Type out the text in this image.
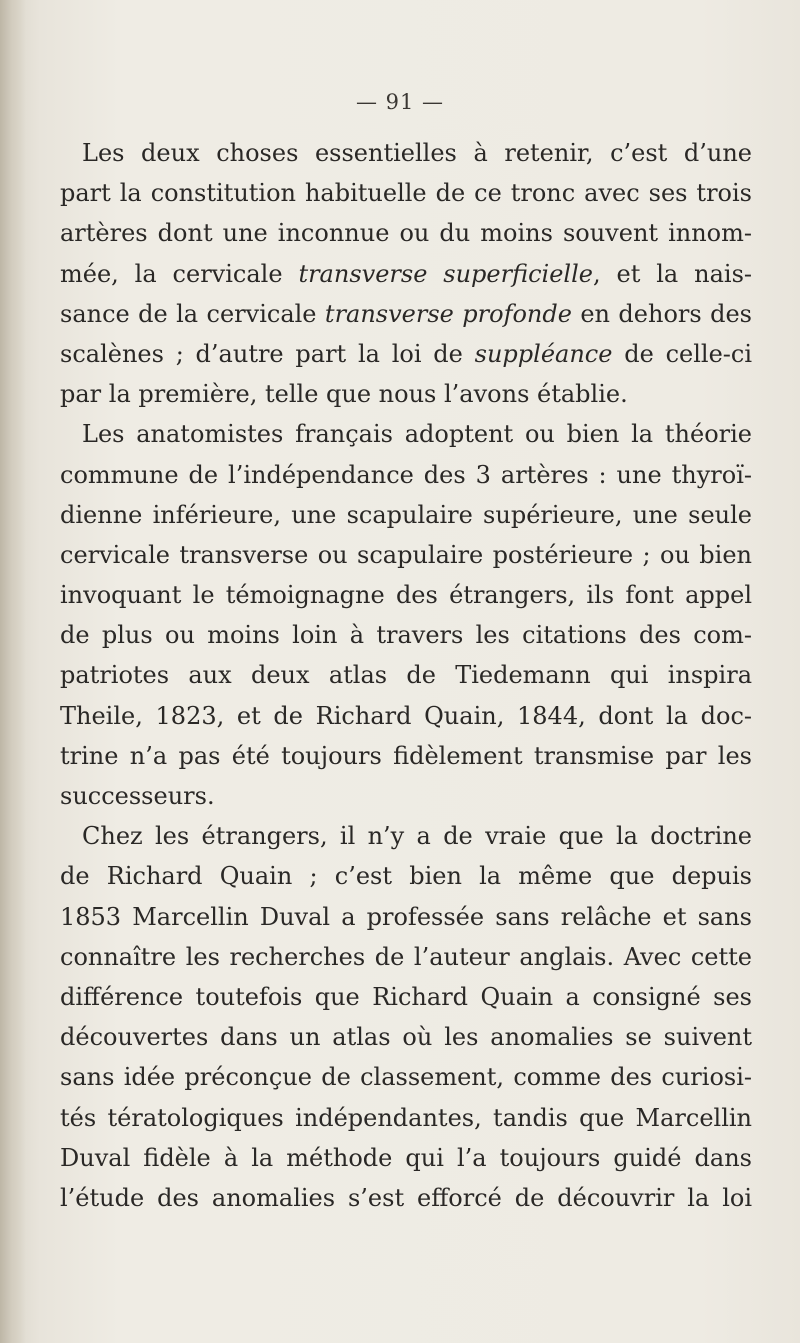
— 91 —
Les deux choses essentielles à retenir, c’est d’une
part la constitution habituelle de ce tronc avec ses trois
artères dont une inconnue ou du moins souvent innom-
mée, la cervicale transverse superficielle, et la nais-
sance de la cervicale transverse profonde en dehors des
scalènes ; d’autre part la loi de suppléance de celle-ci
par la première, telle que nous l’avons établie.
Les anatomistes français adoptent ou bien la théorie
commune de l’indépendance des 3 artères : une thyroï-
dienne inférieure, une scapulaire supérieure, une seule
cervicale transverse ou scapulaire postérieure ; ou bien
invoquant le témoignagne des étrangers, ils font appel
de plus ou moins loin à travers les citations des com-
patriotes aux deux atlas de Tiedemann qui inspira
Theile, 1823, et de Richard Quain, 1844, dont la doc-
trine n’a pas été toujours fidèlement transmise par les
successeurs.
Chez les étrangers, il n’y a de vraie que la doctrine
de Richard Quain ; c’est bien la même que depuis
1853 Marcellin Duval a professée sans relâche et sans
connaître les recherches de l’auteur anglais. Avec cette
différence toutefois que Richard Quain a consigné ses
découvertes dans un atlas où les anomalies se suivent
sans idée préconçue de classement, comme des curiosi-
tés tératologiques indépendantes, tandis que Marcellin
Duval fidèle à la méthode qui l’a toujours guidé dans
l’étude des anomalies s’est efforcé de découvrir la loi
